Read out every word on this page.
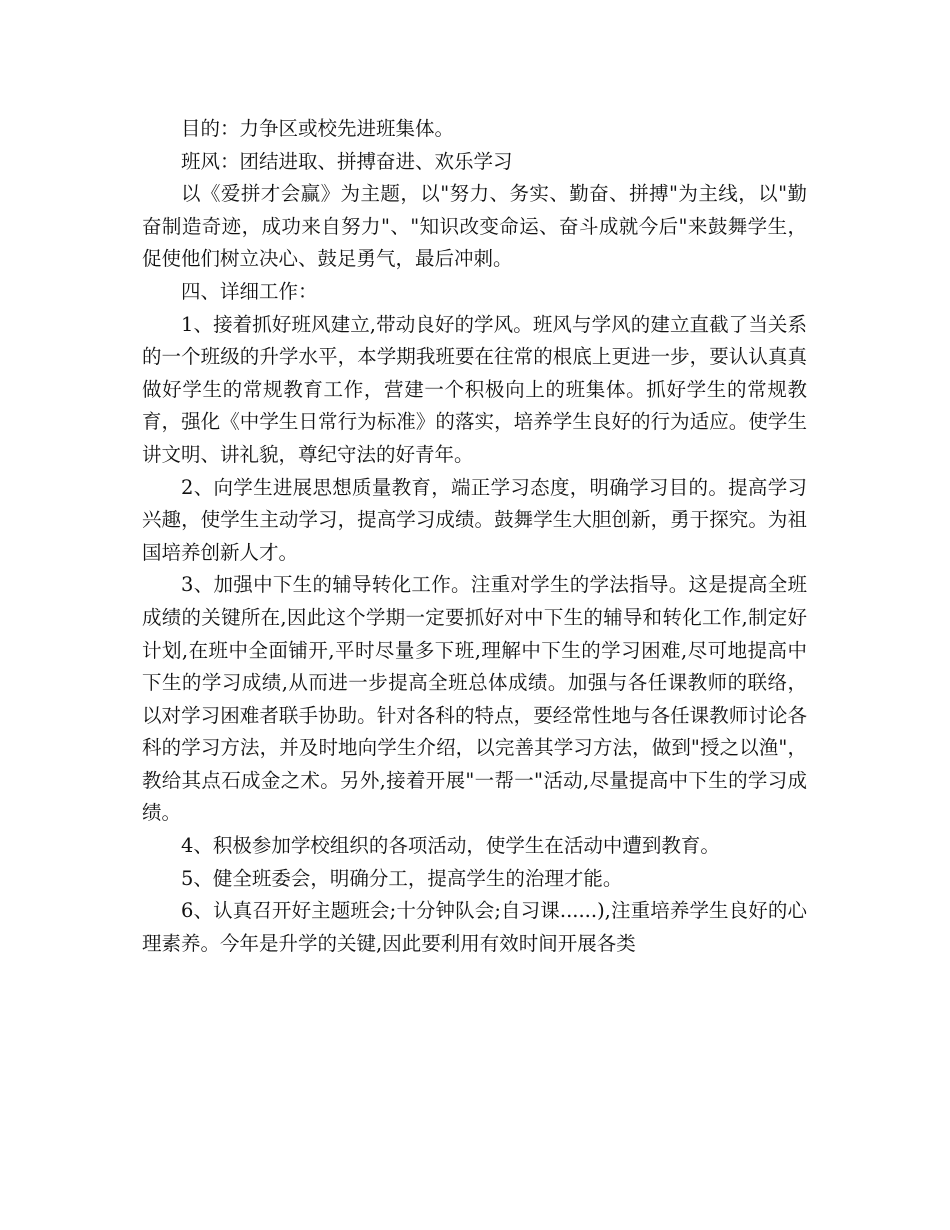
目的：力争区或校先进班集体。

班风：团结进取、拼搏奋进、欢乐学习

以《爱拼才会赢》为主题，以"努力、务实、勤奋、拼搏"为主线，以"勤奋制造奇迹，成功来自努力"、"知识改变命运、奋斗成就今后"来鼓舞学生，促使他们树立决心、鼓足勇气，最后冲刺。

四、详细工作：

1、接着抓好班风建立,带动良好的学风。班风与学风的建立直截了当关系的一个班级的升学水平，本学期我班要在往常的根底上更进一步，要认认真真做好学生的常规教育工作，营建一个积极向上的班集体。抓好学生的常规教育，强化《中学生日常行为标准》的落实，培养学生良好的行为适应。使学生讲文明、讲礼貌，尊纪守法的好青年。

2、向学生进展思想质量教育，端正学习态度，明确学习目的。提高学习兴趣，使学生主动学习，提高学习成绩。鼓舞学生大胆创新，勇于探究。为祖国培养创新人才。

3、加强中下生的辅导转化工作。注重对学生的学法指导。这是提高全班成绩的关键所在,因此这个学期一定要抓好对中下生的辅导和转化工作,制定好计划,在班中全面铺开,平时尽量多下班,理解中下生的学习困难,尽可地提高中下生的学习成绩,从而进一步提高全班总体成绩。加强与各任课教师的联络，以对学习困难者联手协助。针对各科的特点，要经常性地与各任课教师讨论各科的学习方法，并及时地向学生介绍，以完善其学习方法，做到"授之以渔"，教给其点石成金之术。另外,接着开展"一帮一"活动,尽量提高中下生的学习成绩。

4、积极参加学校组织的各项活动，使学生在活动中遭到教育。

5、健全班委会，明确分工，提高学生的治理才能。

6、认真召开好主题班会;十分钟队会;自习课......),注重培养学生良好的心理素养。今年是升学的关键,因此要利用有效时间开展各类
